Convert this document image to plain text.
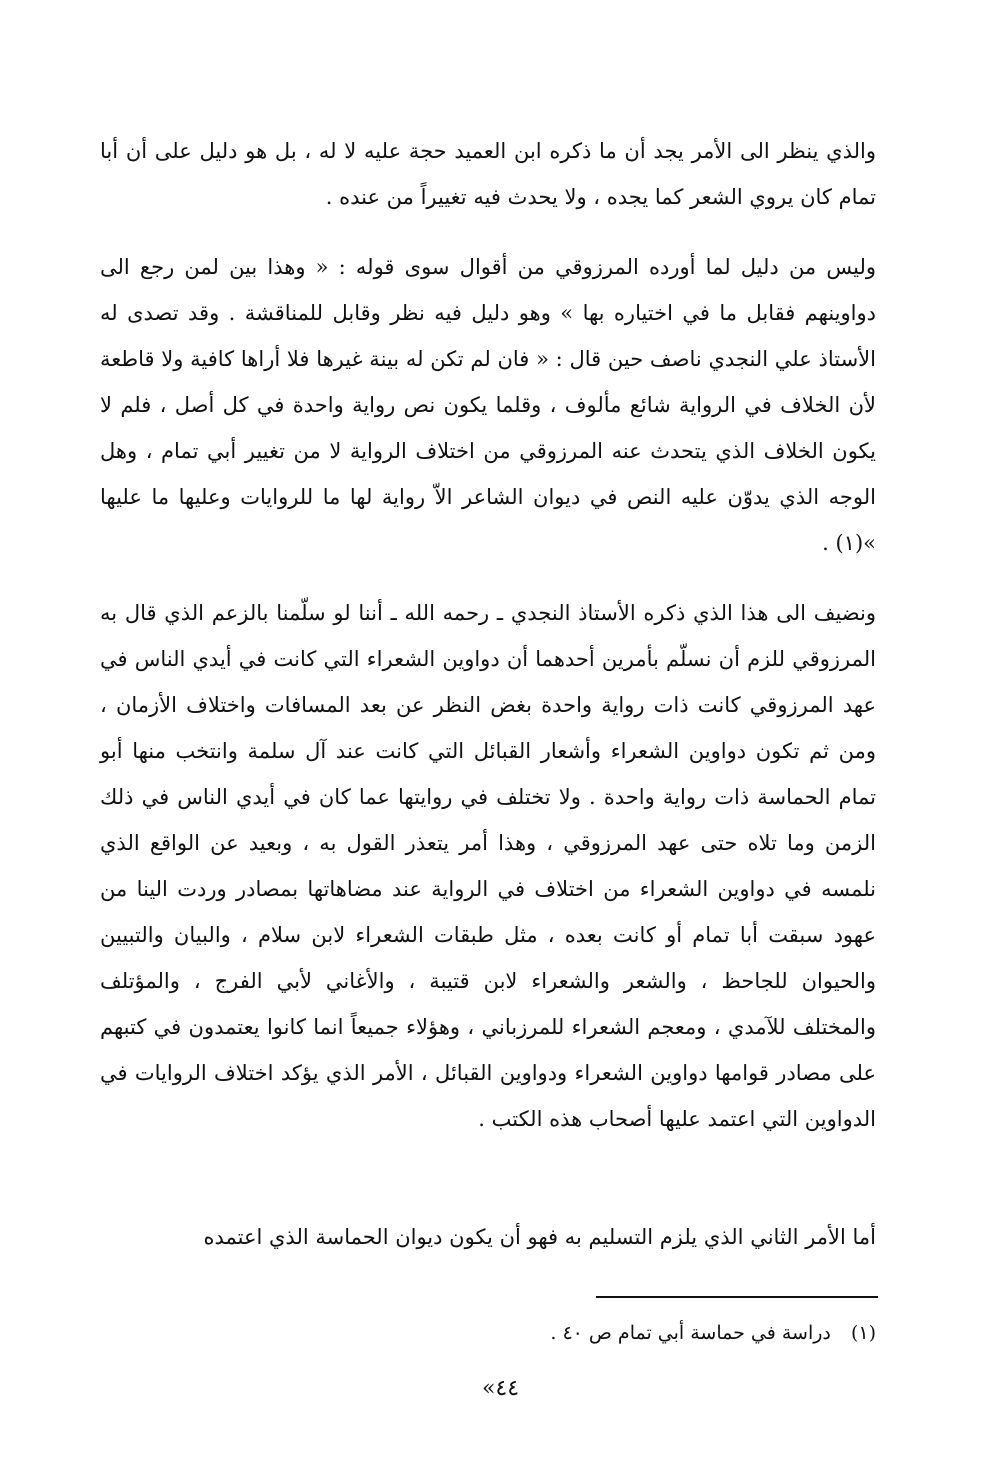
والذي ينظر الى الأمر يجد أن ما ذكره ابن العميد حجة عليه لا له ، بل هو دليل على أن أبا تمام كان يروي الشعر كما يجده ، ولا يحدث فيه تغييراً من عنده .

وليس من دليل لما أورده المرزوقي من أقوال سوى قوله : « وهذا بين لمن رجع الى دواوينهم فقابل ما في اختياره بها » وهو دليل فيه نظر وقابل للمناقشة . وقد تصدى له الأستاذ علي النجدي ناصف حين قال : « فان لم تكن له بينة غيرها فلا أراها كافية ولا قاطعة لأن الخلاف في الرواية شائع مألوف ، وقلما يكون نص رواية واحدة في كل أصل ، فلم لا يكون الخلاف الذي يتحدث عنه المرزوقي من اختلاف الرواية لا من تغيير أبي تمام ، وهل الوجه الذي يدوّن عليه النص في ديوان الشاعر الاّ رواية لها ما للروايات وعليها ما عليها »(١) .

ونضيف الى هذا الذي ذكره الأستاذ النجدي ـ رحمه الله ـ أننا لو سلّمنا بالزعم الذي قال به المرزوقي للزم أن نسلّم بأمرين أحدهما أن دواوين الشعراء التي كانت في أيدي الناس في عهد المرزوقي كانت ذات رواية واحدة بغض النظر عن بعد المسافات واختلاف الأزمان ، ومن ثم تكون دواوين الشعراء وأشعار القبائل التي كانت عند آل سلمة وانتخب منها أبو تمام الحماسة ذات رواية واحدة . ولا تختلف في روايتها عما كان في أيدي الناس في ذلك الزمن وما تلاه حتى عهد المرزوقي ، وهذا أمر يتعذر القول به ، وبعيد عن الواقع الذي نلمسه في دواوين الشعراء من اختلاف في الرواية عند مضاهاتها بمصادر وردت الينا من عهود سبقت أبا تمام أو كانت بعده ، مثل طبقات الشعراء لابن سلام ، والبيان والتبيين والحيوان للجاحظ ، والشعر والشعراء لابن قتيبة ، والأغاني لأبي الفرج ، والمؤتلف والمختلف للآمدي ، ومعجم الشعراء للمرزباني ، وهؤلاء جميعاً انما كانوا يعتمدون في كتبهم على مصادر قوامها دواوين الشعراء ودواوين القبائل ، الأمر الذي يؤكد اختلاف الروايات في الدواوين التي اعتمد عليها أصحاب هذه الكتب .

أما الأمر الثاني الذي يلزم التسليم به فهو أن يكون ديوان الحماسة الذي اعتمده

(١) دراسة في حماسة أبي تمام ص ٤٠ .

٤٤»
